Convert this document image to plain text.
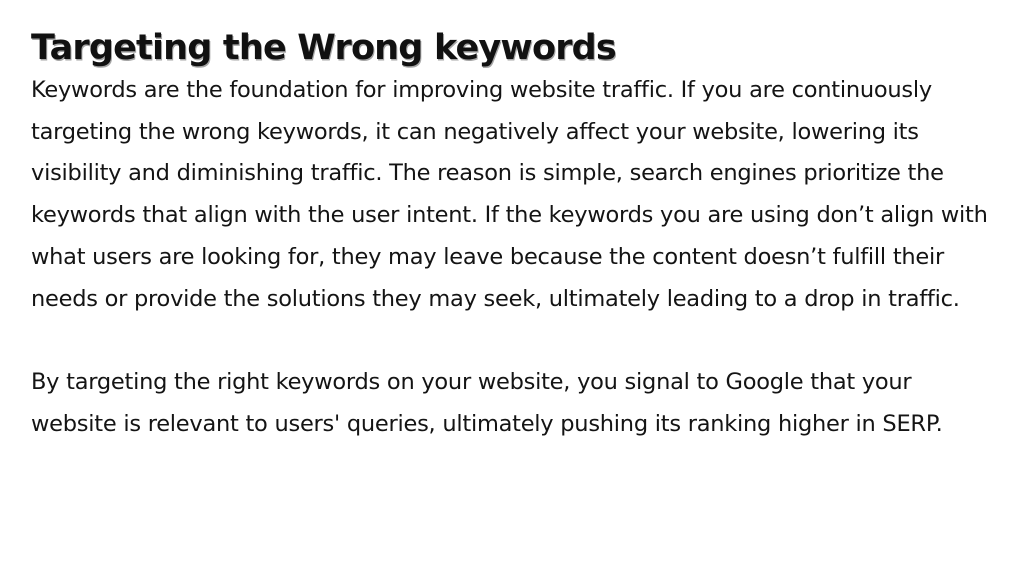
Targeting the Wrong keywords

Keywords are the foundation for improving website traffic. If you are continuously targeting the wrong keywords, it can negatively affect your website, lowering its visibility and diminishing traffic. The reason is simple, search engines prioritize the keywords that align with the user intent. If the keywords you are using don’t align with what users are looking for, they may leave because the content doesn’t fulfill their needs or provide the solutions they may seek, ultimately leading to a drop in traffic.

By targeting the right keywords on your website, you signal to Google that your website is relevant to users' queries, ultimately pushing its ranking higher in SERP.
